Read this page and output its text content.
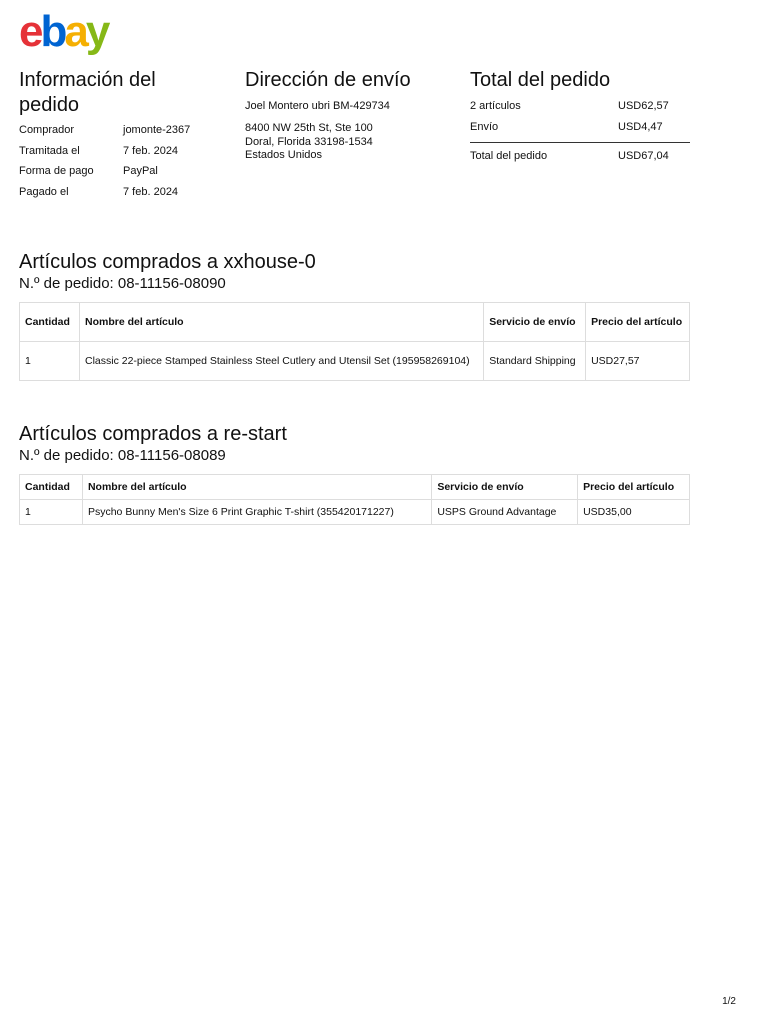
ebay
Información del pedido
Comprador	jomonte-2367
Tramitada el	7 feb. 2024
Forma de pago	PayPal
Pagado el	7 feb. 2024
Dirección de envío
Joel Montero ubri BM-429734
8400 NW 25th St, Ste 100
Doral, Florida 33198-1534
Estados Unidos
Total del pedido
2 artículos	USD62,57
Envío	USD4,47
Total del pedido	USD67,04
Artículos comprados a xxhouse-0
N.º de pedido: 08-11156-08090
Cantidad	Nombre del artículo	Servicio de envío	Precio del artículo
1	Classic 22-piece Stamped Stainless Steel Cutlery and Utensil Set (195958269104)	Standard Shipping	USD27,57
Artículos comprados a re-start
N.º de pedido: 08-11156-08089
Cantidad	Nombre del artículo	Servicio de envío	Precio del artículo
1	Psycho Bunny Men's Size 6 Print Graphic T-shirt (355420171227)	USPS Ground Advantage	USD35,00
1/2
